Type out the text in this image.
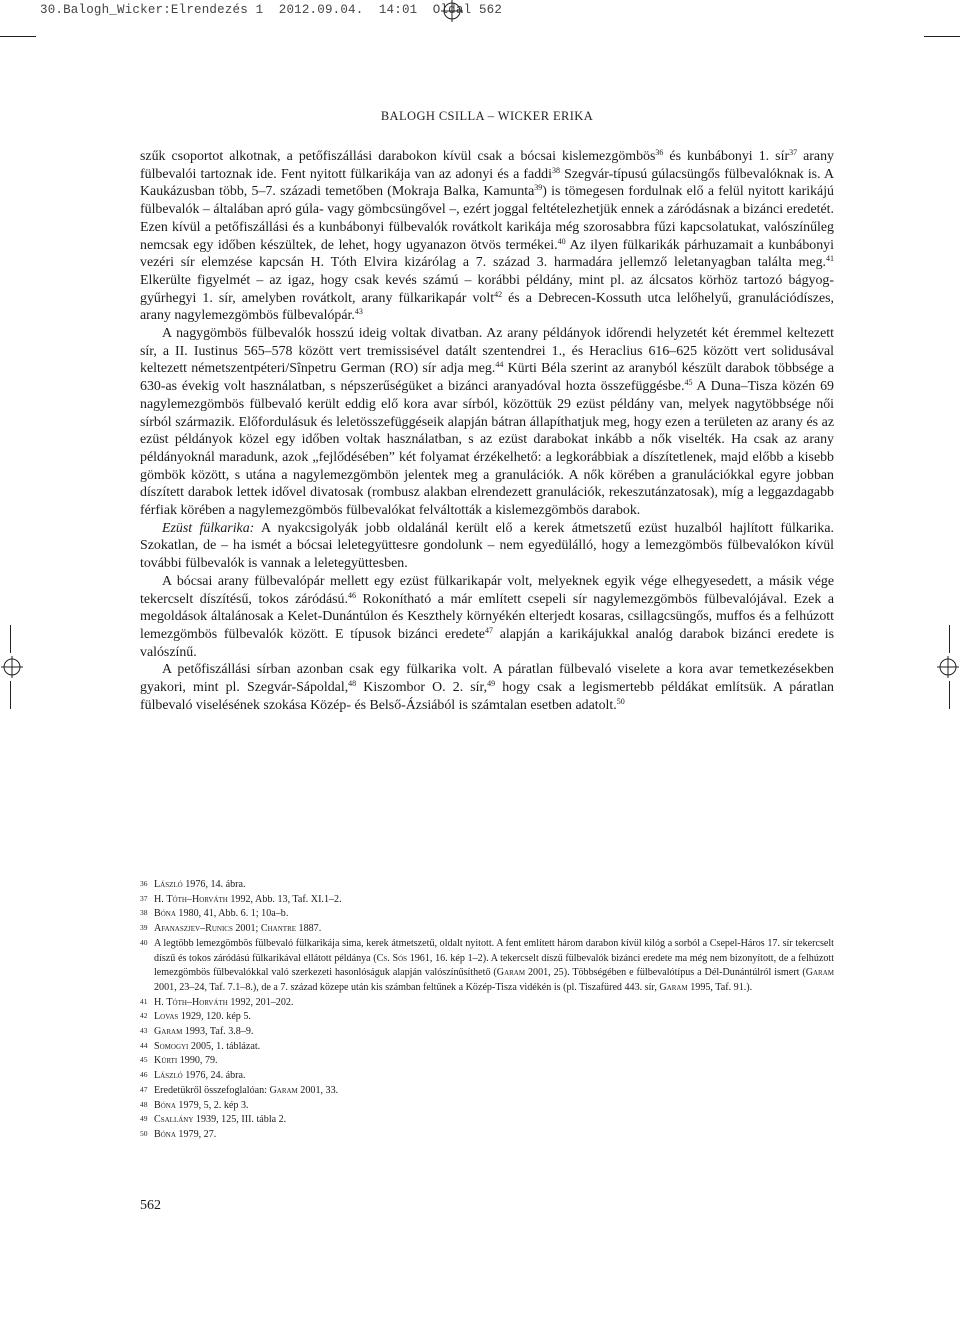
30.Balogh_Wicker:Elrendezés 1  2012.09.04.  14:01  Oldal 562
BALOGH CSILLA – WICKER ERIKA

szűk csoportot alkotnak, a petőfiszállási darabokon kívül csak a bócsai kislemezgömbös$^{36}$ és kunbábonyi 1. sír$^{37}$ arany fülbevalói tartoznak ide. Fent nyitott fülkarikája van az adonyi és a faddi$^{38}$ Szegvár-típusú gúlacsüngős fülbevalóknak is. A Kaukázusban több, 5–7. századi temetőben (Mokraja Balka, Kamunta$^{39}$) is tömegesen fordulnak elő a felül nyitott karikájú fülbevalók – általában apró gúla- vagy gömbcsüngővel –, ezért joggal feltételezhetjük ennek a záródásnak a bizánci eredetét. Ezen kívül a petőfiszállási és a kunbábonyi fülbevalók rovátkolt karikája még szorosabbra fűzi kapcsolatukat, valószínűleg nemcsak egy időben készültek, de lehet, hogy ugyanazon ötvös termékei.$^{40}$ Az ilyen fülkarikák párhuzamait a kunbábonyi vezéri sír elemzése kapcsán H. Tóth Elvira kizárólag a 7. század 3. harmadára jellemző leletanyagban találta meg.$^{41}$ Elkerülte figyelmét – az igaz, hogy csak kevés számú – korábbi példány, mint pl. az álcsatos körhöz tartozó bágyog-gyűrhegyi 1. sír, amelyben rovátkolt, arany fülkarikapár volt$^{42}$ és a Debrecen-Kossuth utca lelőhelyű, granulációdíszes, arany nagylemezgömbös fülbevalópár.$^{43}$

A nagygömbös fülbevalók hosszú ideig voltak divatban. Az arany példányok időrendi helyzetét két éremmel keltezett sír, a II. Iustinus 565–578 között vert tremissisével datált szentendrei 1., és Heraclius 616–625 között vert solidusával keltezett németszentpéteri/Sînpetru German (RO) sír adja meg.$^{44}$ Kürti Béla szerint az aranyból készült darabok többsége a 630-as évekig volt használatban, s népszerűségüket a bizánci aranyadóval hozta összefüggésbe.$^{45}$ A Duna–Tisza közén 69 nagylemezgömbös fülbevaló került eddig elő kora avar sírból, közöttük 29 ezüst példány van, melyek nagytöbbsége női sírból származik. Előfordulásuk és leletösszefüggéseik alapján bátran állapíthatjuk meg, hogy ezen a területen az arany és az ezüst példányok közel egy időben voltak használatban, s az ezüst darabokat inkább a nők viselték. Ha csak az arany példányoknál maradunk, azok „fejlődésében” két folyamat érzékelhető: a legkorábbiak a díszítetlenek, majd előbb a kisebb gömbök között, s utána a nagylemezgömbön jelentek meg a granulációk. A nők körében a granulációkkal egyre jobban díszített darabok lettek idővel divatosak (rombusz alakban elrendezett granulációk, rekeszutánzatosak), míg a leggazdagabb férfiak körében a nagylemezgömbös fülbevalókat felváltották a kislemezgömbös darabok.

Ezüst fülkarika: A nyakcsigolyák jobb oldalánál került elő a kerek átmetszetű ezüst huzalból hajlított fülkarika. Szokatlan, de – ha ismét a bócsai leletegyüttesre gondolunk – nem egyedülálló, hogy a lemezgömbös fülbevalókon kívül további fülbevalók is vannak a leletegyüttesben.

A bócsai arany fülbevalópár mellett egy ezüst fülkarikapár volt, melyeknek egyik vége elhegyesedett, a másik vége tekercselt díszítésű, tokos záródású.$^{46}$ Rokonítható a már említett csepeli sír nagylemezgömbös fülbevalójával. Ezek a megoldások általánosak a Kelet-Dunántúlon és Keszthely környékén elterjedt kosaras, csillagcsüngős, muffos és a felhúzott lemezgömbös fülbevalók között. E típusok bizánci eredete$^{47}$ alapján a karikájukkal analóg darabok bizánci eredete is valószínű.

A petőfiszállási sírban azonban csak egy fülkarika volt. A páratlan fülbevaló viselete a kora avar temetkezésekben gyakori, mint pl. Szegvár-Sápoldal,$^{48}$ Kiszombor O. 2. sír,$^{49}$ hogy csak a legismertebb példákat említsük. A páratlan fülbevaló viselésének szokása Közép- és Belső-Ázsiából is számtalan esetben adatolt.$^{50}$

36 László 1976, 14. ábra.
37 H. Tóth–Horváth 1992, Abb. 13, Taf. XI.1–2.
38 Bóna 1980, 41, Abb. 6. 1; 10a–b.
39 Afanaszjev–Runics 2001; Chantre 1887.
40 A legtöbb lemezgömbös fülbevaló fülkarikája sima, kerek átmetszetű, oldalt nyitott. A fent említett három darabon kívül kilóg a sorból a Csepel-Háros 17. sír tekercselt díszű és tokos záródású fülkarikával ellátott példánya (Cs. Sós 1961, 16. kép 1–2). A tekercselt díszű fülbevalók bizánci eredete ma még nem bizonyított, de a felhúzott lemezgömbös fülbevalókkal való szerkezeti hasonlóságuk alapján valószínűsíthető (Garam 2001, 25). Többségében e fülbevalótípus a Dél-Dunántúlról ismert (Garam 2001, 23–24, Taf. 7.1–8.), de a 7. század közepe után kis számban feltűnek a Közép-Tisza vidékén is (pl. Tiszafüred 443. sír, Garam 1995, Taf. 91.).
41 H. Tóth–Horváth 1992, 201–202.
42 Lovas 1929, 120. kép 5.
43 Garam 1993, Taf. 3.8–9.
44 Somogyi 2005, 1. táblázat.
45 Kürti 1990, 79.
46 László 1976, 24. ábra.
47 Eredetükről összefoglalóan: Garam 2001, 33.
48 Bóna 1979, 5, 2. kép 3.
49 Csallány 1939, 125, III. tábla 2.
50 Bóna 1979, 27.
562
